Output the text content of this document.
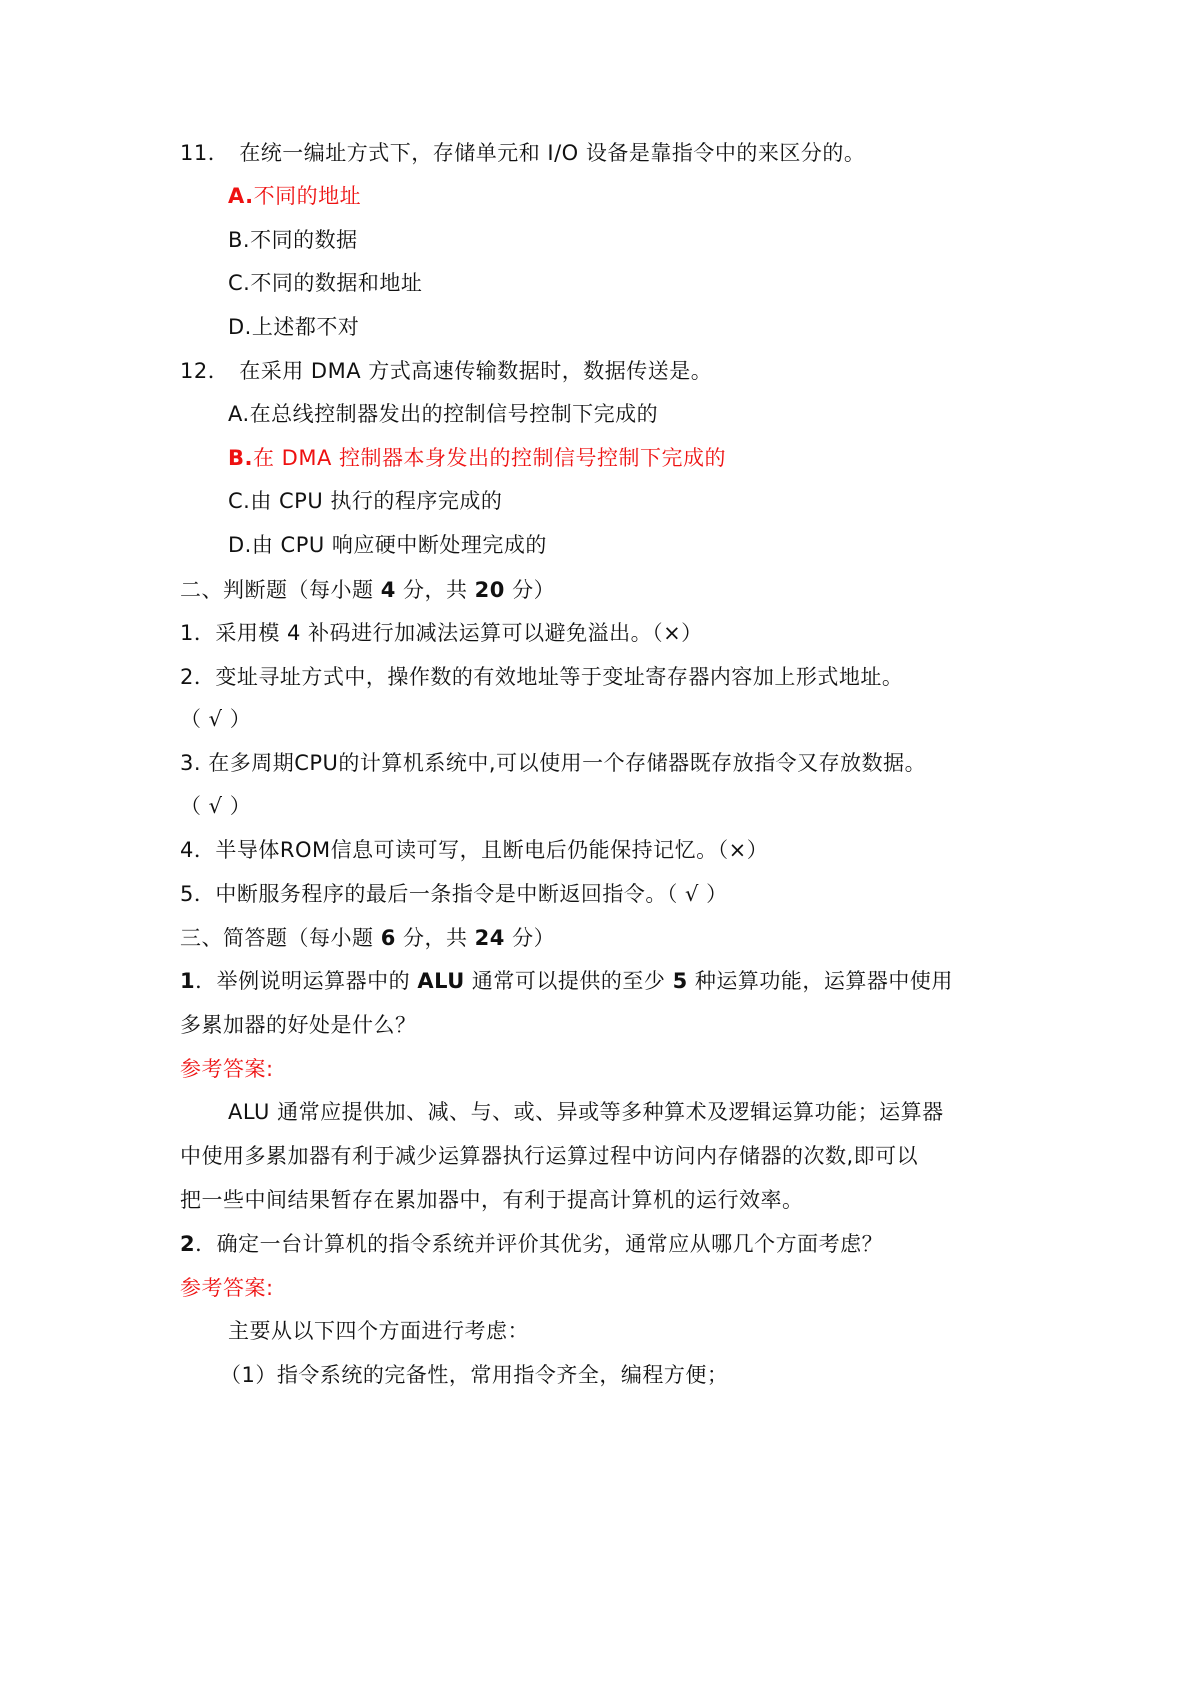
11． 在统一编址方式下，存储单元和 I/O 设备是靠指令中的来区分的。
A.不同的地址
B.不同的数据
C.不同的数据和地址
D.上述都不对
12． 在采用 DMA 方式高速传输数据时，数据传送是。
A.在总线控制器发出的控制信号控制下完成的
B.在 DMA 控制器本身发出的控制信号控制下完成的
C.由 CPU 执行的程序完成的
D.由 CPU 响应硬中断处理完成的
二、判断题（每小题 4 分，共 20 分）
1．采用模 4 补码进行加减法运算可以避免溢出。（×）
2．变址寻址方式中，操作数的有效地址等于变址寄存器内容加上形式地址。
（ √ ）
3. 在多周期CPU的计算机系统中,可以使用一个存储器既存放指令又存放数据。
（ √ ）
4．半导体ROM信息可读可写，且断电后仍能保持记忆。（×）
5．中断服务程序的最后一条指令是中断返回指令。（ √ ）
三、简答题（每小题 6 分，共 24 分）
1．举例说明运算器中的 ALU 通常可以提供的至少 5 种运算功能，运算器中使用
多累加器的好处是什么？
参考答案:
ALU 通常应提供加、减、与、或、异或等多种算术及逻辑运算功能；运算器
中使用多累加器有利于减少运算器执行运算过程中访问内存储器的次数,即可以
把一些中间结果暂存在累加器中，有利于提高计算机的运行效率。
2．确定一台计算机的指令系统并评价其优劣，通常应从哪几个方面考虑？
参考答案:
主要从以下四个方面进行考虑：
（1）指令系统的完备性，常用指令齐全，编程方便；
